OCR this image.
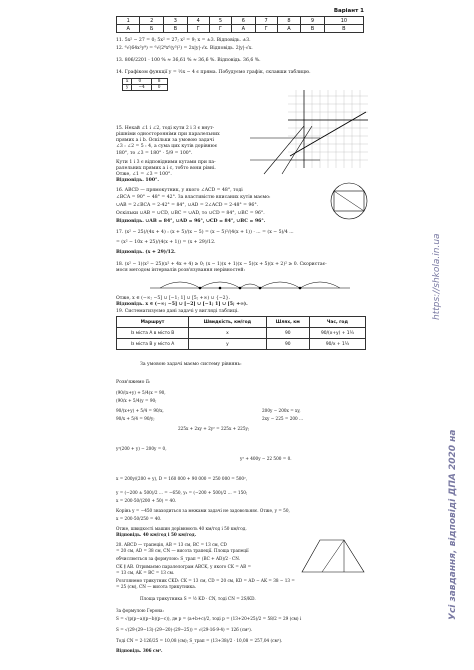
Варіант 1
1	2	3	4	5	6	7	8	9	10
А	Б	В	Г	Г	А	Г	А	В	В
11. 5x² − 27 = 0; 5x² = 27; x² = 9; x = ±3. Відповідь. ±3.
12. ⁶√(64x²y⁹) = ⁶√(2⁶x⁶(y³)²) = 2x|y|·√x. Відповідь. 2|y|·√x.
13. 806/2201 · 100 % ≈ 36,61 % ≈ 36,6 %. Відповідь. 36,6 %.
14. Графіком функції y = ½x − 4 є пряма. Побудуємо графік, склавши таблицю.
x	0	8
y	−4	0
15. Нехай ∠1 і ∠2, тоді кути 2 і 3 є внут-
рішніми односторонніми при паралельних
прямих a і b. Оскільки за умовою задачі
∠3 : ∠2 = 5 : 4, а сума цих кутів дорівнює
180°, то ∠3 = 180° · 5/9 = 100°.
Кути 1 і 3 є відповідними кутами при па-
ралельних прямих a і c, тобто вони рівні.
Отже, ∠1 = ∠3 = 100°.
Відповідь. 100°.
16. ABCD — прямокутник, у якого ∠ACD = 48°, тоді
∠BCA = 90° − 48° = 42°. За властивістю вписаних кутів маємо:
∪AB = 2∠BCA = 2·42° = 84°, ∪AD = 2∠ACD = 2·48° = 96°.
Оскільки ∪AB = ∪CD, ∪BC = ∪AD, то ∪CD = 84°, ∪BC = 96°.
Відповідь. ∪AB = 84°, ∪AD = 96°, ∪CD = 84°, ∪BC = 96°.
17. (x² − 25)/(4x + 4) : (x + 5)/(x − 5) = (x − 5)²/(4(x + 1)) · ... = (x − 5)/4 ...
= (x² − 10x + 25)/(4(x + 1)) = (x + 29)/12.
Відповідь. (x + 29)/12.
18. (x² − 1)(x² − 25)(x² + 4x + 4) ≥ 0; (x − 1)(x + 1)(x − 5)(x + 5)(x + 2)² ≥ 0. Скористає-
мося методом інтервалів розв'язування нерівностей:
Отже, x ∈ (−∞; −5] ∪ [−1; 1] ∪ [5; +∞) ∪ {−2}.
Відповідь. x ∈ (−∞; −5] ∪ [−2] ∪ [−1; 1] ∪ [5; +∞).
19. Систематизуємо дані задачі у вигляді таблиці.
Маршрут	Швидкість, км/год	Шлях, км	Час, год
Із міста A в місто B	x	90	90/(x+y) + 1¼
Із міста B у місто A	y	90	90/x + 1¼
За умовою задачі маємо систему рівнянь:
Розв'яжемо її:
(90/(x+y) + 5/4)x = 90,
(90/x + 5/4)y = 90;
90/(x+y) + 5/4 = 90/x,
90/x + 5/4 = 90/y;
200y − 200x = xy,
2xy − 225 = 200 ...
225x + 2xy + 2y² = 225x + 225y;
y²(200 + y) − 200y = 0,
y² + 400y − 22 500 = 0.
x = 200y/(200 + y), D = 160 000 + 90 000 = 250 000 = 500²,
y = (−200 ± 500)/2 ... = −650, y₂ = (−200 + 500)/2 ... = 150;
x = 200·50/(200 + 50) = 40.
Корінь y = −450 знаходиться за межами задачі не задовольняє. Отже, y = 50,
x = 200·50/250 = 40.
Отже, швидкості машин дорівнюють 40 км/год і 50 км/год.
Відповідь. 40 км/год і 50 км/год.
20. ABCD — трапеція, AB = 13 см, BC = 13 см, CD
= 20 см, AD = 38 см, CN — висота трапеції. Площа трапеції
обчислюється за формулою: S_трап = (BC + AD)/2 · CN.
CK ∥ AB. Отримаємо паралелограм ABCK, у якого CK = AB =
= 13 см, AK = BC = 13 см.
Розглянемо трикутник CKD: CK = 13 см, CD = 20 см, KD = AD − AK = 38 − 13 =
= 25 (см), CN — висота трикутника.
Площа трикутника S = ½ KD · CN, тоді CN = 2S/KD.
За формулою Герона:
S = √(p(p−a)(p−b)(p−c)), де p = (a+b+c)/2, тоді p = (13+20+25)/2 = 58/2 = 29 (см) і
S = √(29·(29−13)·(29−20)·(29−25)) = √(29·16·9·4) = 126 (см²).
Тоді CN = 2·126/25 = 10,08 (см); S_трап = (13+38)/2 · 10,08 = 257,04 (см²).
Відповідь. 306 см².
https://shkola.in.ua
Усі завдання, відповіді ДПА 2020 на
